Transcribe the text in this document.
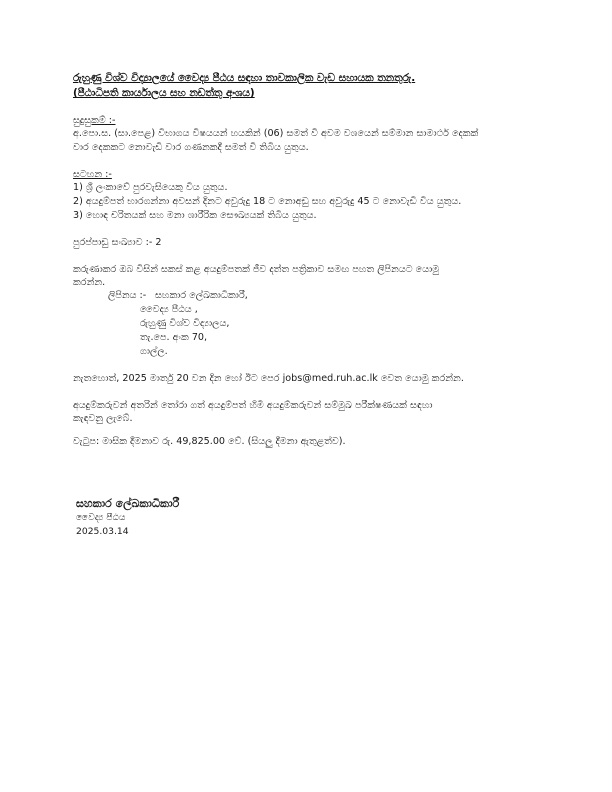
රුහුණු විශ්ව විද්‍යාලයේ වෛද්‍ය පීඨය සඳහා තාවකාලික වැඩ සහායක තනතුරු.
(පීඨාධිපති කාර්යාලය සහ නඩත්තු අංශය)
සුදුසුකම් :-
අ.පො.ස. (සා.පෙළ) විභාගය විෂයයන් හයකින් (06) සමත් වී අවම වශයෙන් සම්මාන සාමාර්ථ දෙකක්
වාර දෙකකට නොවැඩි වාර ගණනකදී සමත් වී තිබිය යුතුය.
සටහන :-
1) ශ්‍රී ලංකාවේ පුරවැසියෙකු විය යුතුය.
2) අයදුම්පත් භාරගන්නා අවසන් දිනට අවුරුදු 18 ට නොඅඩු සහ අවුරුදු 45 ට නොවැඩි විය යුතුය.
3) හොඳ චරිතයක් සහ මනා ශාරීරික සෞඛ්‍යයක් තිබිය යුතුය.
පුරප්පාඩු සංඛ්‍යාව :- 2
කරුණාකර ඔබ විසින් සකස් කළ අයදුම්පතක් ජීව දත්ත පත්‍රිකාව සමඟ පහත ලිපිනයට යොමු
කරන්න.
ලිපිනය :- සහකාර ලේඛකාධිකාරී,
වෛද්‍ය පීඨය ,
රුහුණු විශ්ව විද්‍යාලය,
තැ.පෙ. අංක 70,
ගාල්ල.
නැතහොත්, 2025 මාර්තු 20 වන දින හෝ ඊට පෙර jobs@med.ruh.ac.lk වෙත යොමු කරන්න.
අයදුම්කරුවන් අතරින් තෝරා ගත් අයදුම්පත් හිමි අයදුම්කරුවන් සම්මුඛ පරීක්ෂණයක් සඳහා
කැඳවනු ලැබේ.
වැටුප: මාසික දීමනාව රු. 49,825.00 වේ. (සියලු දීමනා ඇතුළත්ව).
සහකාර ලේඛකාධිකාරී
වෛද්‍ය පීඨය
2025.03.14
